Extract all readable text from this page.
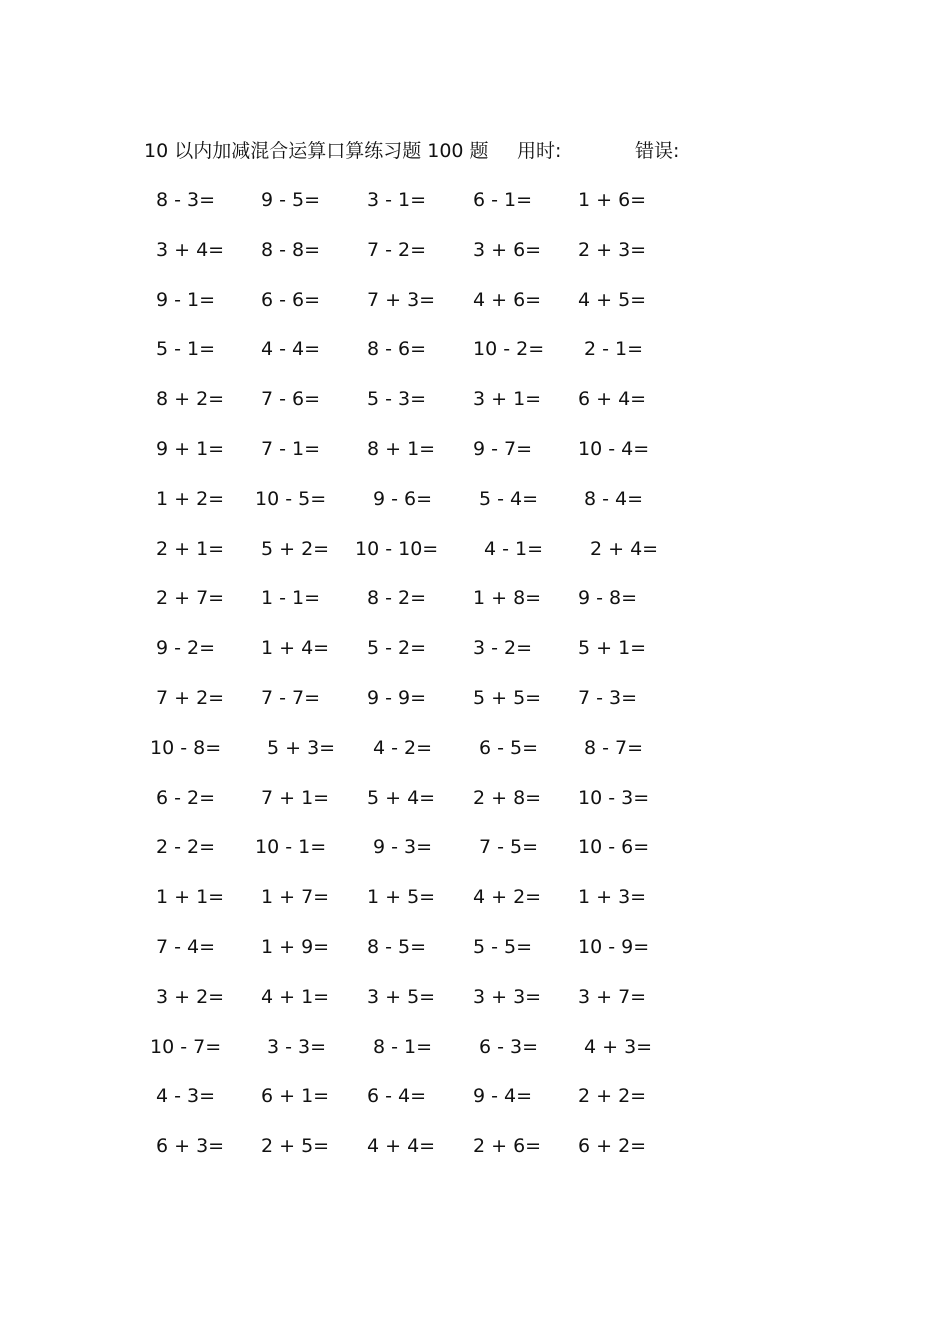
10 以内加减混合运算口算练习题 100 题 用时:	错误:
8 - 3= 9 - 5= 3 - 1= 6 - 1= 1 + 6=
3 + 4= 8 - 8= 7 - 2= 3 + 6= 2 + 3=
9 - 1= 6 - 6= 7 + 3= 4 + 6= 4 + 5=
5 - 1= 4 - 4= 8 - 6= 10 - 2= 2 - 1=
8 + 2= 7 - 6= 5 - 3= 3 + 1= 6 + 4=
9 + 1= 7 - 1= 8 + 1= 9 - 7= 10 - 4=
1 + 2= 10 - 5= 9 - 6= 5 - 4= 8 - 4=
2 + 1= 5 + 2= 10 - 10= 4 - 1= 2 + 4=
2 + 7= 1 - 1= 8 - 2= 1 + 8= 9 - 8=
9 - 2= 1 + 4= 5 - 2= 3 - 2= 5 + 1=
7 + 2= 7 - 7= 9 - 9= 5 + 5= 7 - 3=
10 - 8= 5 + 3= 4 - 2= 6 - 5= 8 - 7=
6 - 2= 7 + 1= 5 + 4= 2 + 8= 10 - 3=
2 - 2= 10 - 1= 9 - 3= 7 - 5= 10 - 6=
1 + 1= 1 + 7= 1 + 5= 4 + 2= 1 + 3=
7 - 4= 1 + 9= 8 - 5= 5 - 5= 10 - 9=
3 + 2= 4 + 1= 3 + 5= 3 + 3= 3 + 7=
10 - 7= 3 - 3= 8 - 1= 6 - 3= 4 + 3=
4 - 3= 6 + 1= 6 - 4= 9 - 4= 2 + 2=
6 + 3= 2 + 5= 4 + 4= 2 + 6= 6 + 2=
